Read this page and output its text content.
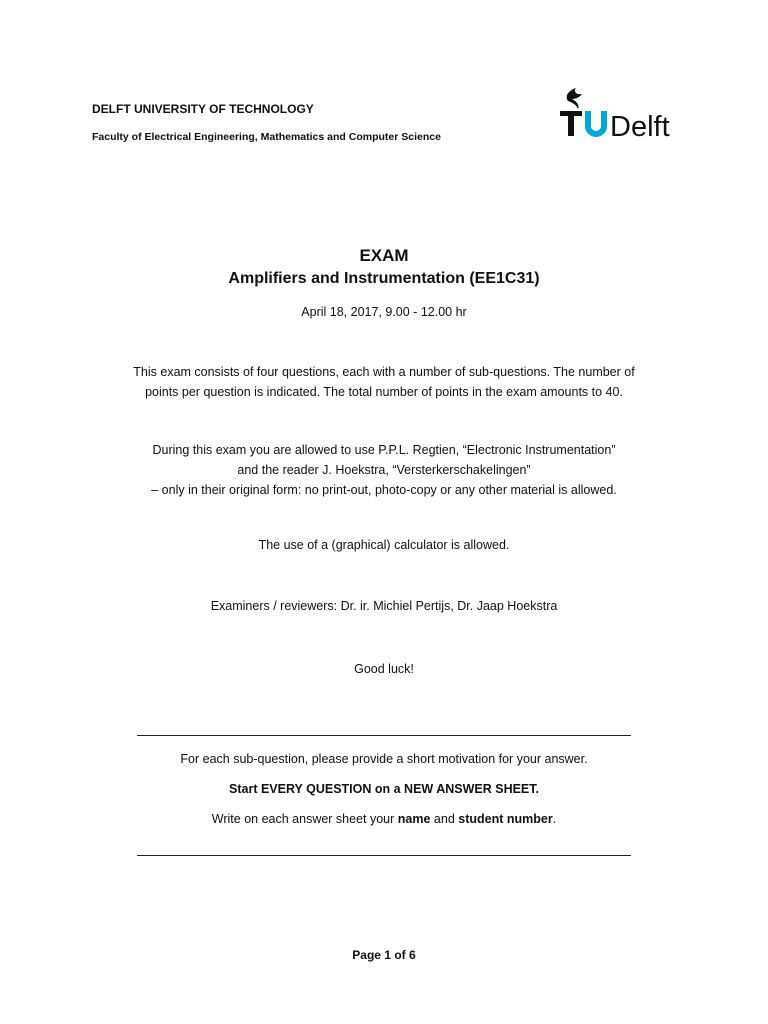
DELFT UNIVERSITY OF TECHNOLOGY
Faculty of Electrical Engineering, Mathematics and Computer Science	Delft
EXAM
Amplifiers and Instrumentation (EE1C31)
April 18, 2017, 9.00 - 12.00 hr
This exam consists of four questions, each with a number of sub-questions. The number of
points per question is indicated. The total number of points in the exam amounts to 40.
During this exam you are allowed to use P.P.L. Regtien, “Electronic Instrumentation”
and the reader J. Hoekstra, “Versterkerschakelingen”
– only in their original form: no print-out, photo-copy or any other material is allowed.
The use of a (graphical) calculator is allowed.
Examiners / reviewers: Dr. ir. Michiel Pertijs, Dr. Jaap Hoekstra
Good luck!
For each sub-question, please provide a short motivation for your answer.
Start EVERY QUESTION on a NEW ANSWER SHEET.
Write on each answer sheet your name and student number.
Page 1 of 6
